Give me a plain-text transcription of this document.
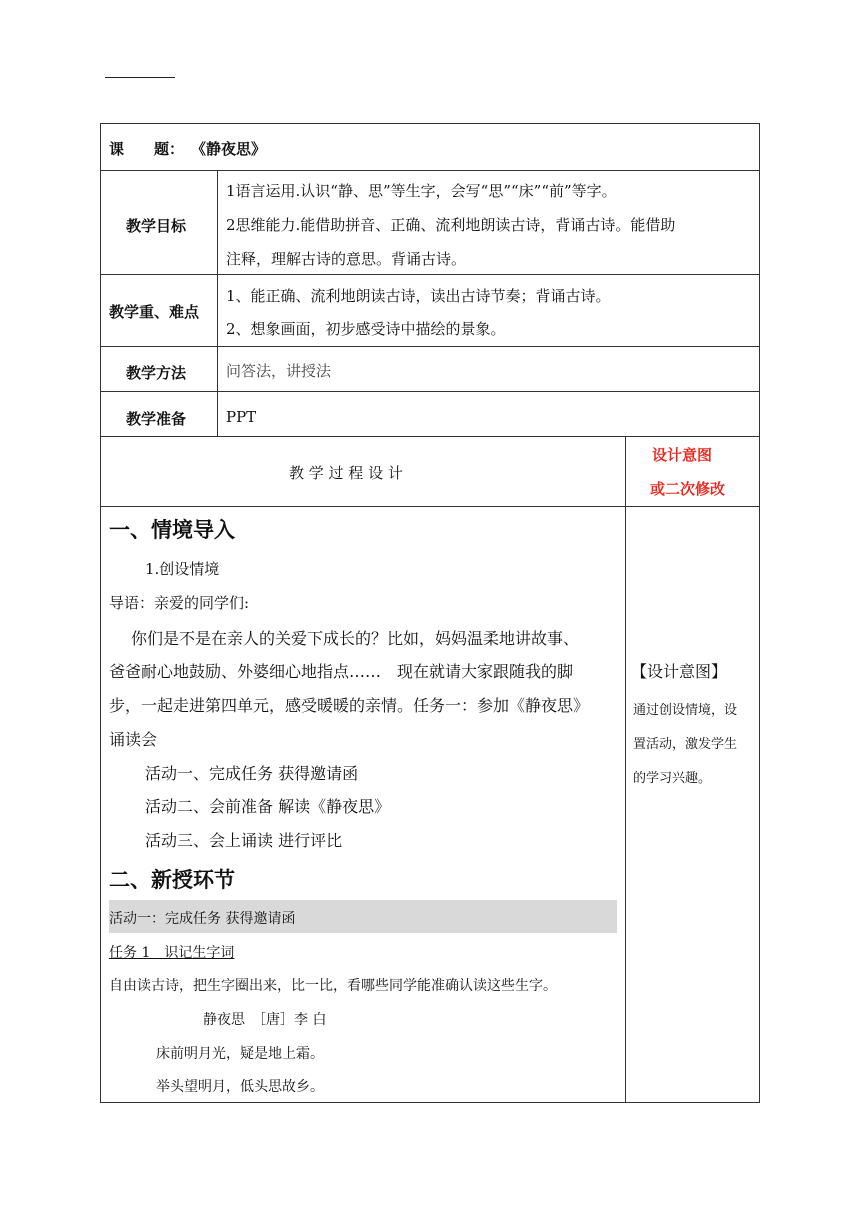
课　　题： 《静夜思》
教学目标
1语言运用.认识“静、思”等生字，会写“思”“床”“前”等字。
2思维能力.能借助拼音、正确、流利地朗读古诗，背诵古诗。能借助
注释，理解古诗的意思。背诵古诗。
教学重、难点
1、能正确、流利地朗读古诗，读出古诗节奏；背诵古诗。
2、想象画面，初步感受诗中描绘的景象。
教学方法	问答法，讲授法
教学准备	PPT
教 学 过 程 设 计
设计意图
或二次修改
一、情境导入
1.创设情境
导语：亲爱的同学们:
你们是不是在亲人的关爱下成长的？比如，妈妈温柔地讲故事、
爸爸耐心地鼓励、外婆细心地指点……　现在就请大家跟随我的脚
步，一起走进第四单元，感受暖暖的亲情。任务一：参加《静夜思》
诵读会
活动一、完成任务 获得邀请函
活动二、会前准备 解读《静夜思》
活动三、会上诵读 进行评比
二、新授环节
活动一：完成任务 获得邀请函
任务 1　识记生字词
自由读古诗，把生字圈出来，比一比，看哪些同学能准确认读这些生字。
静夜思　［唐］李 白
床前明月光，疑是地上霜。
举头望明月，低头思故乡。
【设计意图】
通过创设情境，设
置活动，激发学生
的学习兴趣。
